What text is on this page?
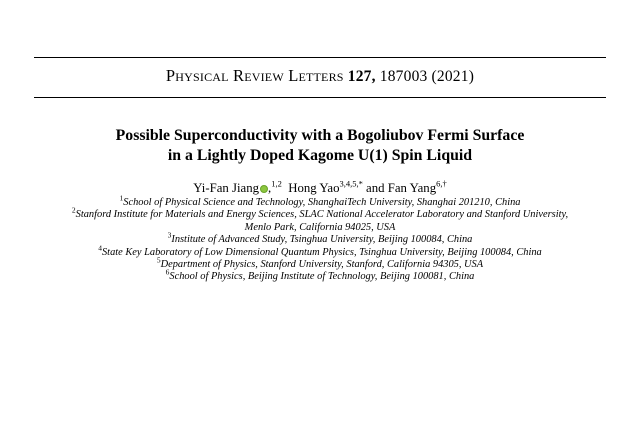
Physical Review Letters 127, 187003 (2021)
Possible Superconductivity with a Bogoliubov Fermi Surface
in a Lightly Doped Kagome U(1) Spin Liquid
Yi-Fan Jiang ,$^{1,2}$ Hong Yao$^{3,4,5,*}$ and Fan Yang$^{6,\dagger}$
$^1$School of Physical Science and Technology, ShanghaiTech University, Shanghai 201210, China
$^2$Stanford Institute for Materials and Energy Sciences, SLAC National Accelerator Laboratory and Stanford University,
Menlo Park, California 94025, USA
$^3$Institute of Advanced Study, Tsinghua University, Beijing 100084, China
$^4$State Key Laboratory of Low Dimensional Quantum Physics, Tsinghua University, Beijing 100084, China
$^5$Department of Physics, Stanford University, Stanford, California 94305, USA
$^6$School of Physics, Beijing Institute of Technology, Beijing 100081, China
